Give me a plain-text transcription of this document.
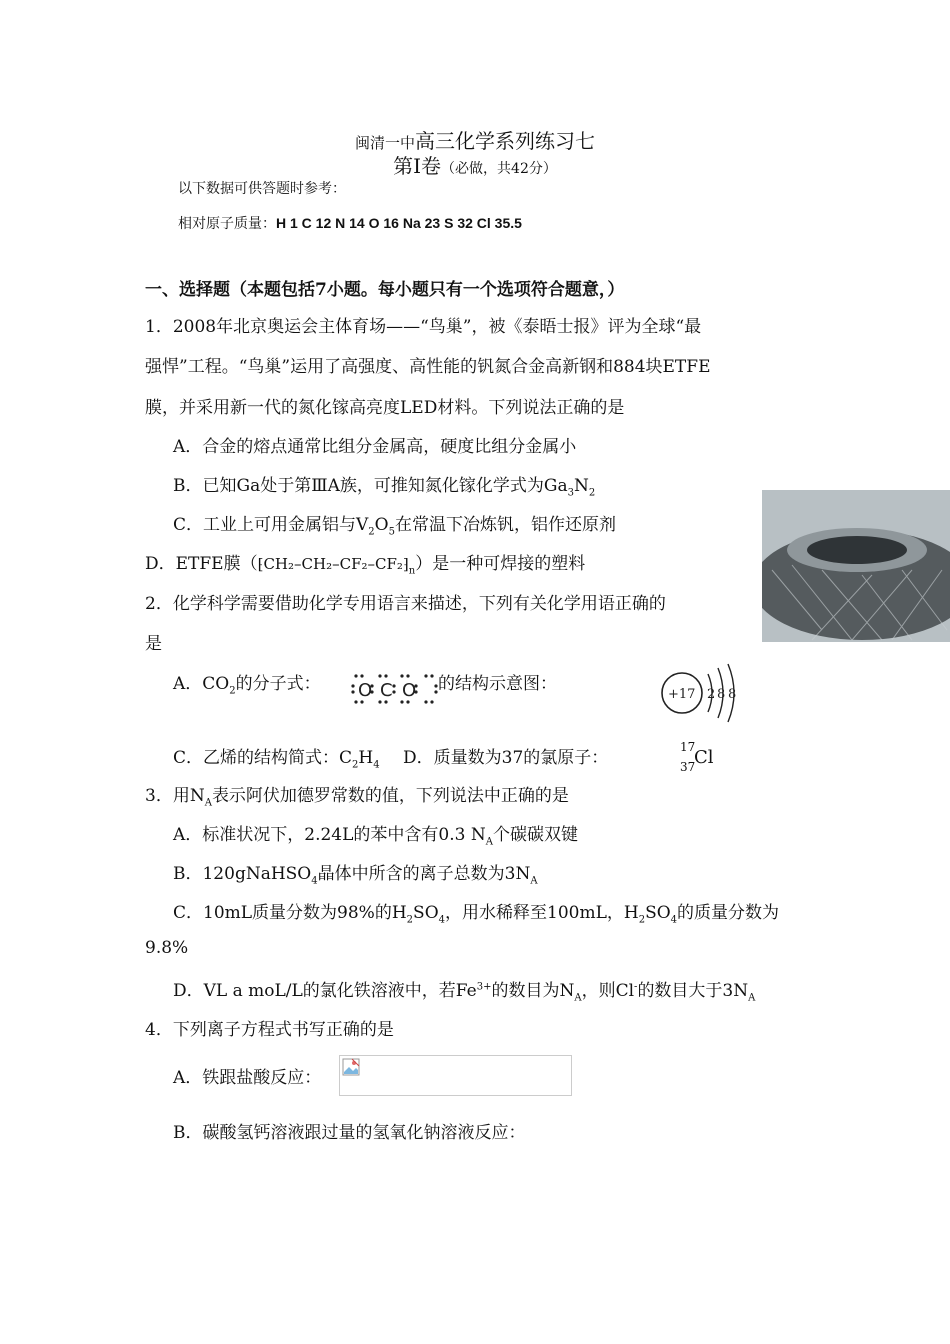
闽清一中高三化学系列练习七
第Ⅰ卷（必做，共42分）
以下数据可供答题时参考：
相对原子质量：H 1 C 12 N 14 O 16 Na 23 S 32 Cl 35.5
一、选择题（本题包括7小题。每小题只有一个选项符合题意，）
1．2008年北京奥运会主体育场——“鸟巢”，被《泰晤士报》评为全球“最
强悍”工程。“鸟巢”运用了高强度、高性能的钒氮合金高新钢和884块ETFE
膜，并采用新一代的氮化镓高亮度LED材料。下列说法正确的是
A．合金的熔点通常比组分金属高，硬度比组分金属小
B．已知Ga处于第ⅢA族，可推知氮化镓化学式为$Ga_3N_2$
C．工业上可用金属铝与$V_2O_5$在常温下冶炼钒，铝作还原剂
D．ETFE膜$(⁅CH_2-CH_2-CF_2-CF_2⁆_n)$是一种可焊接的塑料
2．化学科学需要借助化学专用语言来描述，下列有关化学用语正确的
是
A．$CO_2$的分子式： O C O 的结构示意图：
+17 2 8 8
C．乙烯的结构简式：$C_2H_4$ D．质量数为37的氯原子：
17
37
Cl
3．用$N_A$表示阿伏加德罗常数的值，下列说法中正确的是
A．标准状况下，2.24L的苯中含有0.3 $N_A$个碳碳双键
B．120gNaHSO$_4$晶体中所含的离子总数为$3N_A$
C．10mL质量分数为98%的$H_2SO_4$，用水稀释至100mL，$H_2SO_4$的质量分数为
9.8%
D．VL a moL/L的氯化铁溶液中，若$Fe^{3+}$的数目为$N_A$，则Cl-的数目大于$3N_A$
4．下列离子方程式书写正确的是
A．铁跟盐酸反应：
B．碳酸氢钙溶液跟过量的氢氧化钠溶液反应：
